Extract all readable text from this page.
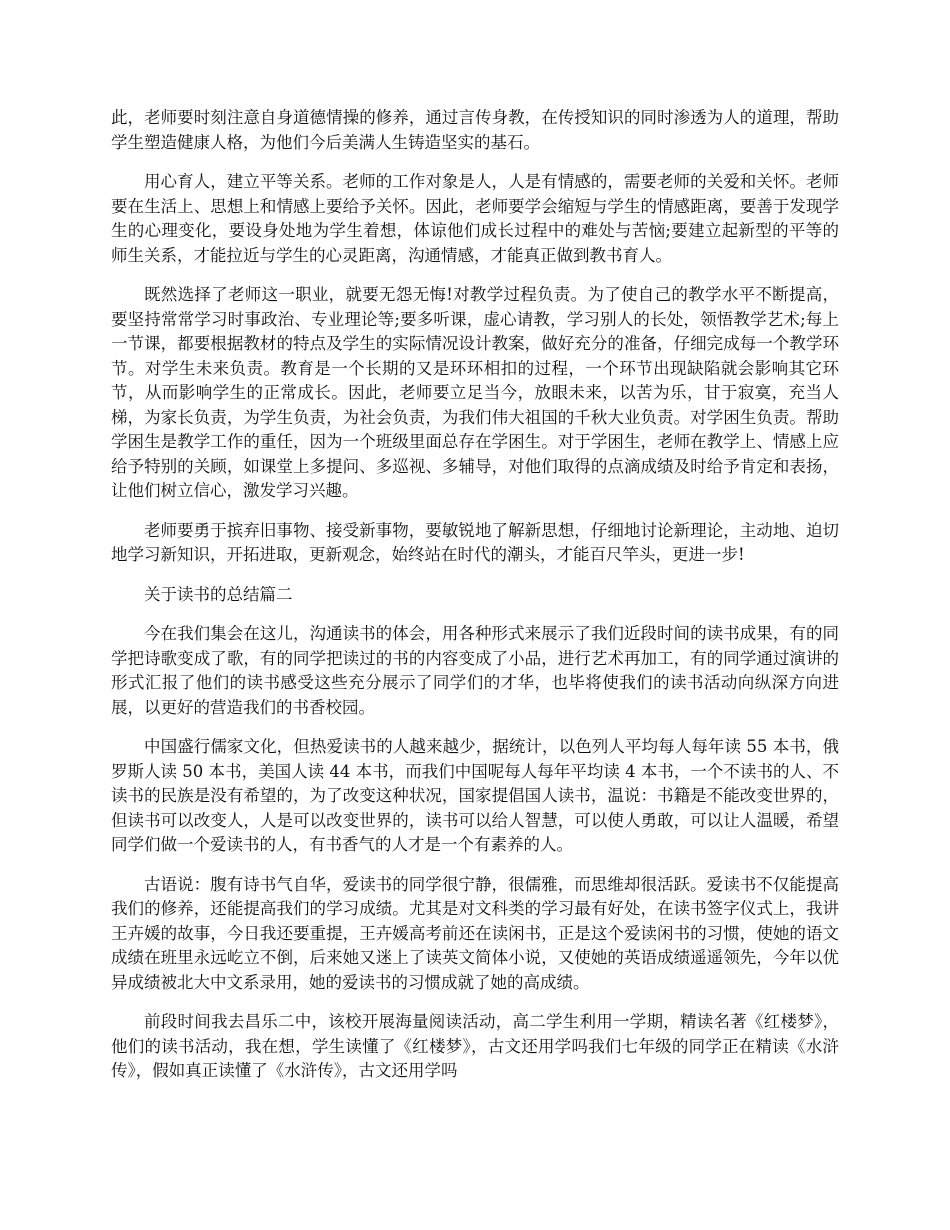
此，老师要时刻注意自身道德情操的修养，通过言传身教，在传授知识的同时渗透为人的道理，帮助学生塑造健康人格，为他们今后美满人生铸造坚实的基石。

用心育人，建立平等关系。老师的工作对象是人，人是有情感的，需要老师的关爱和关怀。老师要在生活上、思想上和情感上要给予关怀。因此，老师要学会缩短与学生的情感距离，要善于发现学生的心理变化，要设身处地为学生着想，体谅他们成长过程中的难处与苦恼;要建立起新型的平等的师生关系，才能拉近与学生的心灵距离，沟通情感，才能真正做到教书育人。

既然选择了老师这一职业，就要无怨无悔!对教学过程负责。为了使自己的教学水平不断提高，要坚持常常学习时事政治、专业理论等;要多听课，虚心请教，学习别人的长处，领悟教学艺术;每上一节课，都要根据教材的特点及学生的实际情况设计教案，做好充分的准备，仔细完成每一个教学环节。对学生未来负责。教育是一个长期的又是环环相扣的过程，一个环节出现缺陷就会影响其它环节，从而影响学生的正常成长。因此，老师要立足当今，放眼未来，以苦为乐，甘于寂寞，充当人梯，为家长负责，为学生负责，为社会负责，为我们伟大祖国的千秋大业负责。对学困生负责。帮助学困生是教学工作的重任，因为一个班级里面总存在学困生。对于学困生，老师在教学上、情感上应给予特别的关顾，如课堂上多提问、多巡视、多辅导，对他们取得的点滴成绩及时给予肯定和表扬，让他们树立信心，激发学习兴趣。

老师要勇于摈弃旧事物、接受新事物，要敏锐地了解新思想，仔细地讨论新理论，主动地、迫切地学习新知识，开拓进取，更新观念，始终站在时代的潮头，才能百尺竿头，更进一步!

关于读书的总结篇二

今在我们集会在这儿，沟通读书的体会，用各种形式来展示了我们近段时间的读书成果，有的同学把诗歌变成了歌，有的同学把读过的书的内容变成了小品，进行艺术再加工，有的同学通过演讲的形式汇报了他们的读书感受这些充分展示了同学们的才华，也毕将使我们的读书活动向纵深方向进展，以更好的营造我们的书香校园。

中国盛行儒家文化，但热爱读书的人越来越少，据统计，以色列人平均每人每年读 55 本书，俄罗斯人读 50 本书，美国人读 44 本书，而我们中国呢每人每年平均读 4 本书，一个不读书的人、不读书的民族是没有希望的，为了改变这种状况，国家提倡国人读书，温说：书籍是不能改变世界的，但读书可以改变人，人是可以改变世界的，读书可以给人智慧，可以使人勇敢，可以让人温暖，希望同学们做一个爱读书的人，有书香气的人才是一个有素养的人。

古语说：腹有诗书气自华，爱读书的同学很宁静，很儒雅，而思维却很活跃。爱读书不仅能提高我们的修养，还能提高我们的学习成绩。尤其是对文科类的学习最有好处，在读书签字仪式上，我讲王卉媛的故事，今日我还要重提，王卉媛高考前还在读闲书，正是这个爱读闲书的习惯，使她的语文成绩在班里永远屹立不倒，后来她又迷上了读英文简体小说，又使她的英语成绩遥遥领先，今年以优异成绩被北大中文系录用，她的爱读书的习惯成就了她的高成绩。

前段时间我去昌乐二中，该校开展海量阅读活动，高二学生利用一学期，精读名著《红楼梦》，他们的读书活动，我在想，学生读懂了《红楼梦》，古文还用学吗我们七年级的同学正在精读《水浒传》，假如真正读懂了《水浒传》，古文还用学吗
